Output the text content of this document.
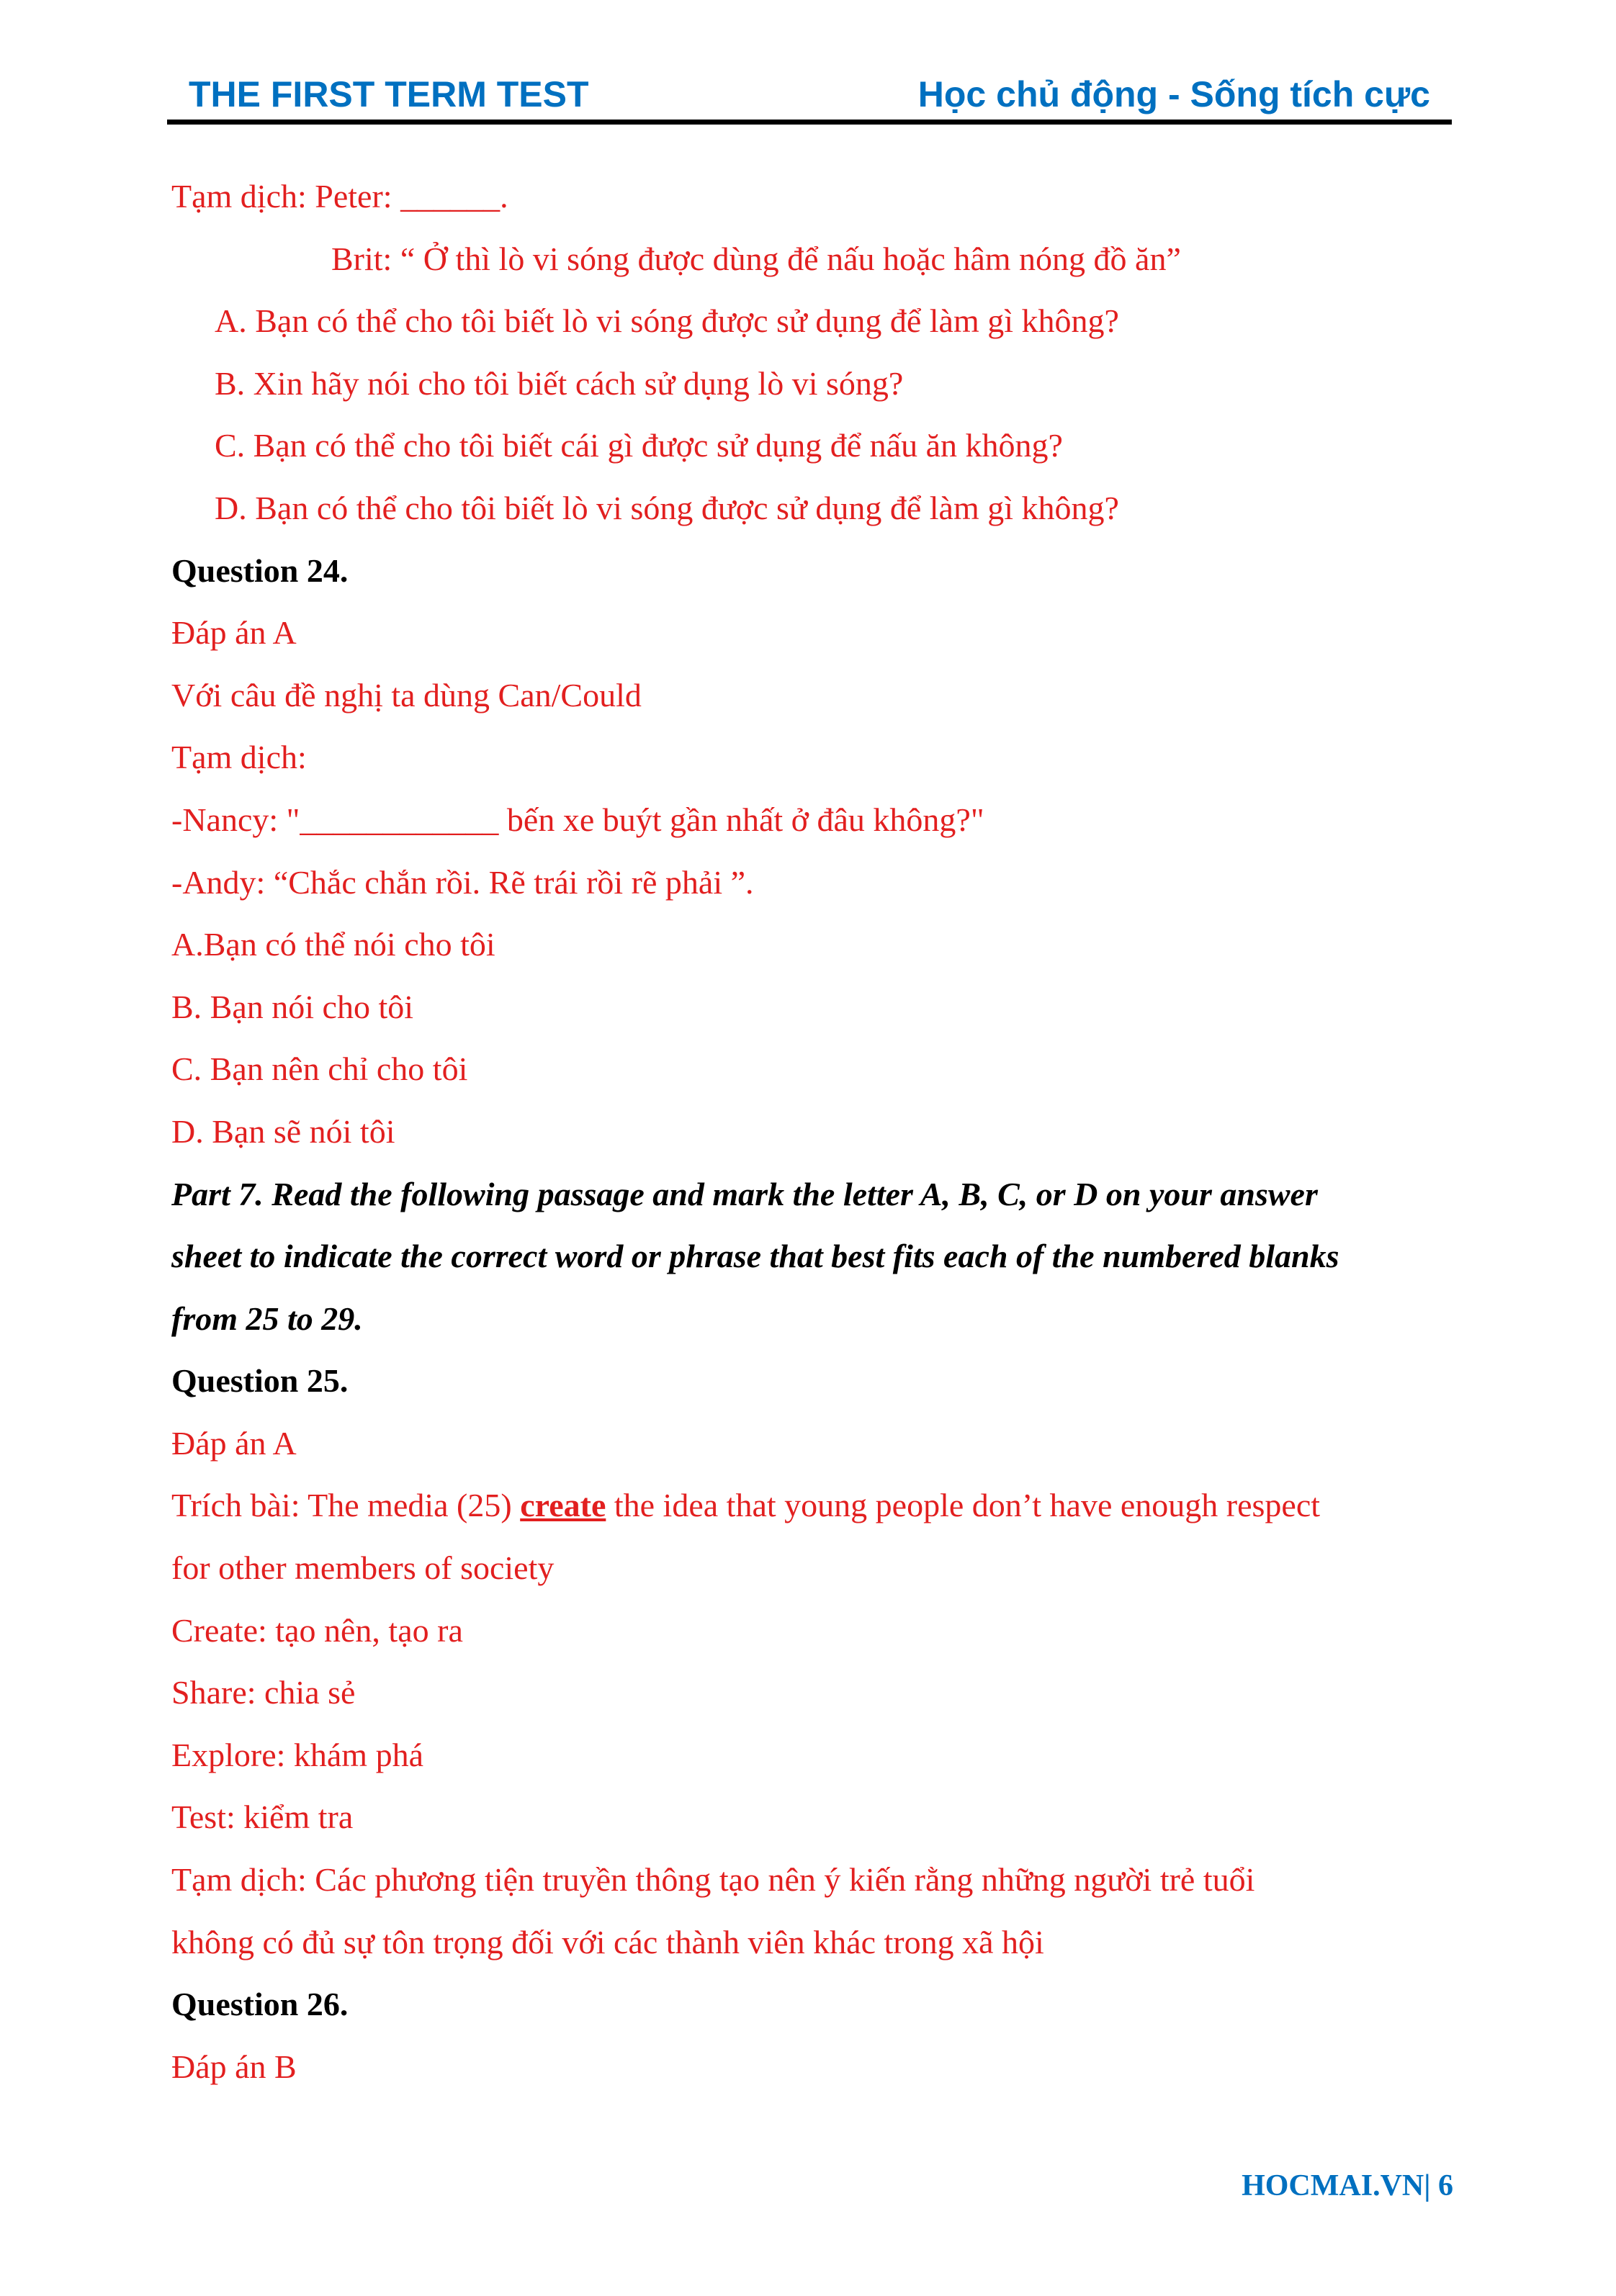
THE FIRST TERM TEST	Học chủ động - Sống tích cực
Tạm dịch: Peter: ______.
Brit: “ Ở thì lò vi sóng được dùng để nấu hoặc hâm nóng đồ ăn”
A. Bạn có thể cho tôi biết lò vi sóng được sử dụng để làm gì không?
B. Xin hãy nói cho tôi biết cách sử dụng lò vi sóng?
C. Bạn có thể cho tôi biết cái gì được sử dụng để nấu ăn không?
D. Bạn có thể cho tôi biết lò vi sóng được sử dụng để làm gì không?
Question 24.
Đáp án A
Với câu đề nghị ta dùng Can/Could
Tạm dịch:
-Nancy: "____________ bến xe buýt gần nhất ở đâu không?"
-Andy: “Chắc chắn rồi. Rẽ trái rồi rẽ phải ”.
A.Bạn có thể nói cho tôi
B. Bạn nói cho tôi
C. Bạn nên chỉ cho tôi
D. Bạn sẽ nói tôi
Part 7. Read the following passage and mark the letter A, B, C, or D on your answer
sheet to indicate the correct word or phrase that best fits each of the numbered blanks
from 25 to 29.
Question 25.
Đáp án A
Trích bài: The media (25) create the idea that young people don’t have enough respect
for other members of society
Create: tạo nên, tạo ra
Share: chia sẻ
Explore: khám phá
Test: kiểm tra
Tạm dịch: Các phương tiện truyền thông tạo nên ý kiến rằng những người trẻ tuổi
không có đủ sự tôn trọng đối với các thành viên khác trong xã hội
Question 26.
Đáp án B
HOCMAI.VN| 6
